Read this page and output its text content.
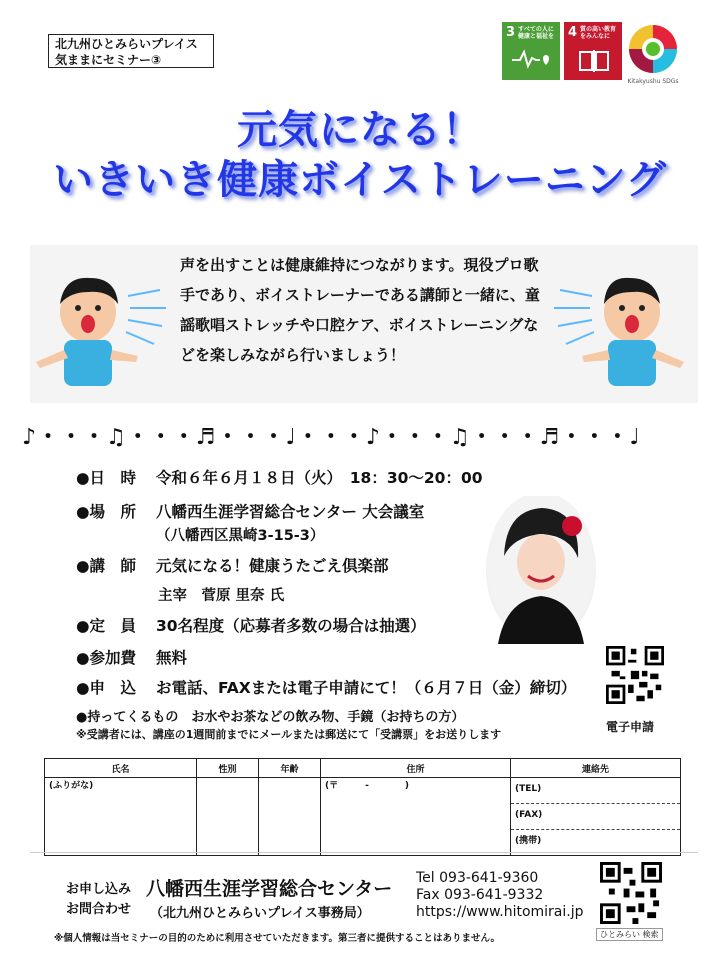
北九州ひとみらいプレイス
気ままにセミナー③
3 すべての人に健康と福祉を	4 質の高い教育をみんなに
Kitakyushu SDGs
元気になる！
いきいき健康ボイストレーニング
声を出すことは健康維持につながります。現役プロ歌手であり、ボイストレーナーである講師と一緒に、童謡歌唱ストレッチや口腔ケア、ボイストレーニングなどを楽しみながら行いましょう！
♪・・・♫・・・♬・・・♩・・・♪・・・♫・・・♬・・・♩
●日　時 令和６年６月１８日（火）　18：30～20：00
●場　所 八幡西生涯学習総合センター 大会議室
（八幡西区黒崎3-15-3）
●講　師 元気になる！健康うたごえ倶楽部
主宰　菅原 里奈 氏
●定　員 30名程度（応募者多数の場合は抽選）
●参加費 無料
●申　込 お電話、FAXまたは電子申請にて！（６月７日（金）締切）
●持ってくるもの　お水やお茶などの飲み物、手鏡（お持ちの方）
※受講者には、講座の1週間前までにメールまたは郵送にて「受講票」をお送りします
電子申請
氏名	性別	年齢	住所	連絡先
(ふりがな)			(〒　　　-　　　　)	(TEL)
(FAX)
(携帯)
お申し込み
お問合わせ
八幡西生涯学習総合センター
（北九州ひとみらいプレイス事務局）
Tel 093-641-9360
Fax 093-641-9332
https://www.hitomirai.jp
ひとみらい 検索
※個人情報は当セミナーの目的のために利用させていただきます。第三者に提供することはありません。
